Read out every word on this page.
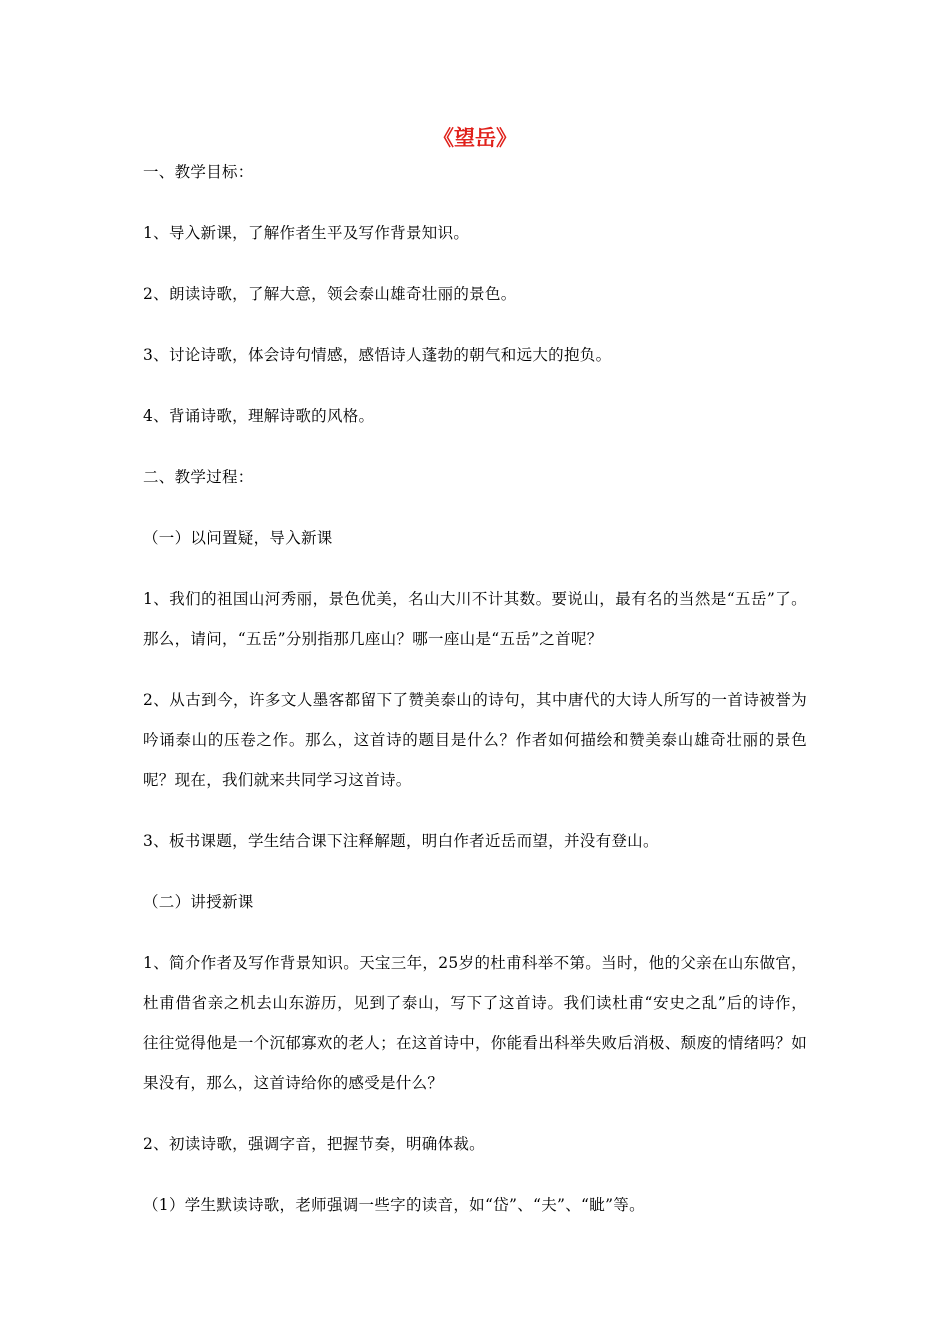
《望岳》

一、教学目标：

1、导入新课，了解作者生平及写作背景知识。

2、朗读诗歌，了解大意，领会泰山雄奇壮丽的景色。

3、讨论诗歌，体会诗句情感，感悟诗人蓬勃的朝气和远大的抱负。

4、背诵诗歌，理解诗歌的风格。

二、教学过程：

（一）以问置疑，导入新课

1、我们的祖国山河秀丽，景色优美，名山大川不计其数。要说山，最有名的当然是“五岳”了。那么，请问，“五岳”分别指那几座山？哪一座山是“五岳”之首呢？

2、从古到今，许多文人墨客都留下了赞美泰山的诗句，其中唐代的大诗人所写的一首诗被誉为吟诵泰山的压卷之作。那么，这首诗的题目是什么？作者如何描绘和赞美泰山雄奇壮丽的景色呢？现在，我们就来共同学习这首诗。

3、板书课题，学生结合课下注释解题，明白作者近岳而望，并没有登山。

（二）讲授新课

1、简介作者及写作背景知识。天宝三年，25岁的杜甫科举不第。当时，他的父亲在山东做官，杜甫借省亲之机去山东游历，见到了泰山，写下了这首诗。我们读杜甫“安史之乱”后的诗作，往往觉得他是一个沉郁寡欢的老人；在这首诗中，你能看出科举失败后消极、颓废的情绪吗？如果没有，那么，这首诗给你的感受是什么？

2、初读诗歌，强调字音，把握节奏，明确体裁。

（1）学生默读诗歌，老师强调一些字的读音，如“岱”、“夫”、“眦”等。
